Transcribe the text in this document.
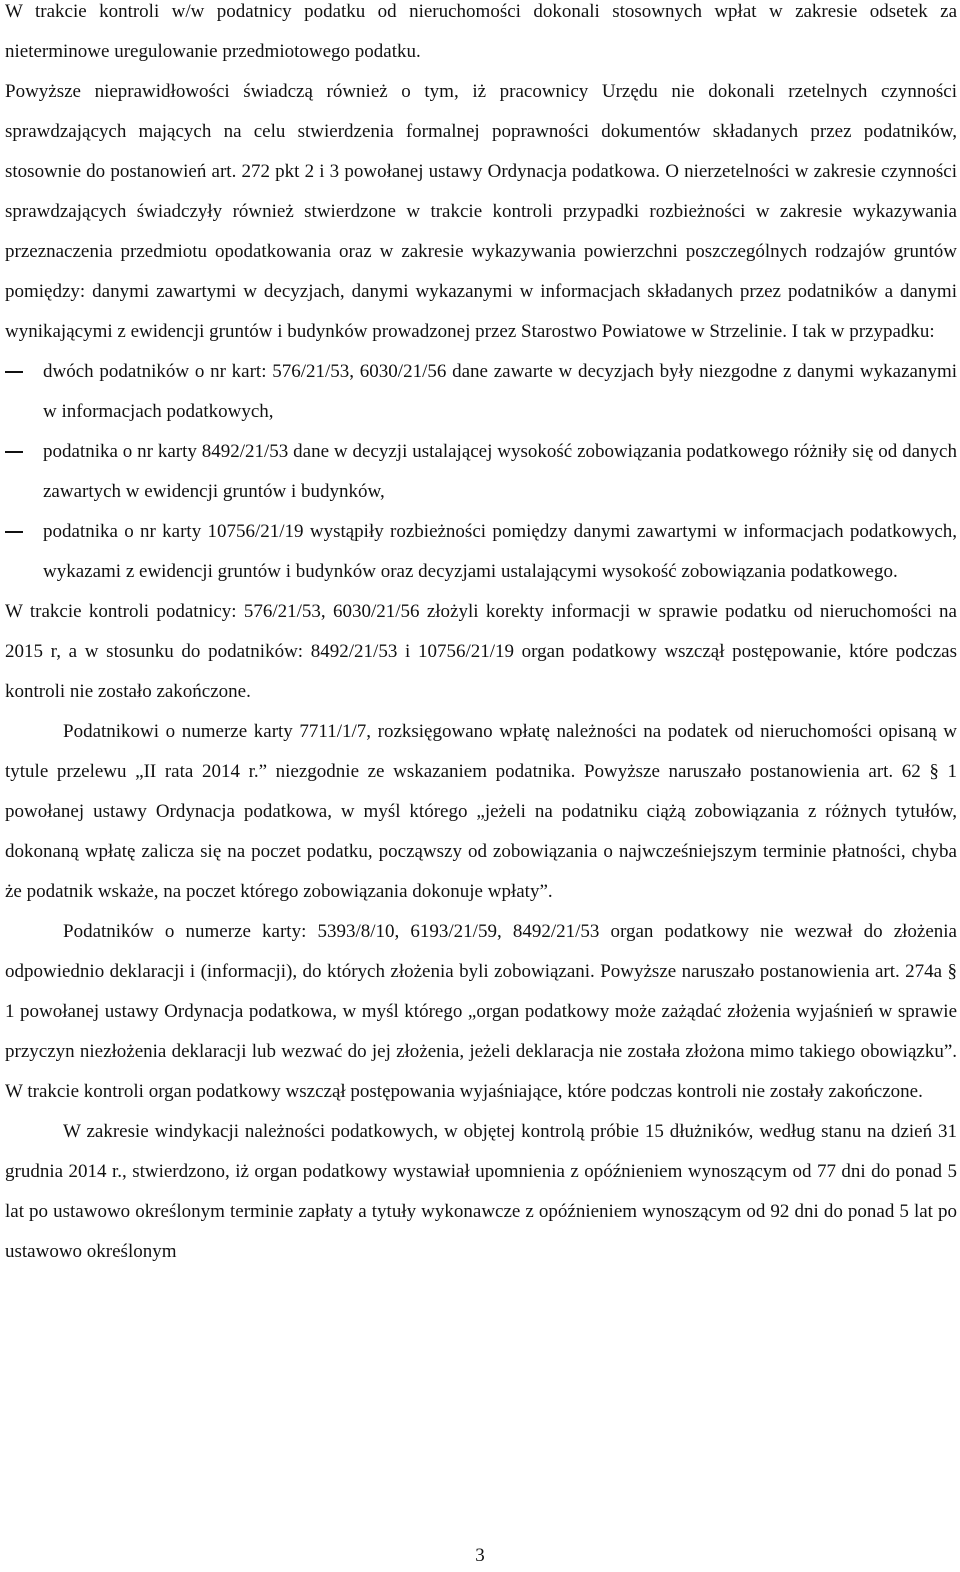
W trakcie kontroli w/w podatnicy podatku od nieruchomości dokonali stosownych wpłat w zakresie odsetek za nieterminowe uregulowanie przedmiotowego podatku.

Powyższe nieprawidłowości świadczą również o tym, iż pracownicy Urzędu nie dokonali rzetelnych czynności sprawdzających mających na celu stwierdzenia formalnej poprawności dokumentów składanych przez podatników, stosownie do postanowień art. 272 pkt 2 i 3 powołanej ustawy Ordynacja podatkowa. O nierzetelności w zakresie czynności sprawdzających świadczyły również stwierdzone w trakcie kontroli przypadki rozbieżności w zakresie wykazywania przeznaczenia przedmiotu opodatkowania oraz w zakresie wykazywania powierzchni poszczególnych rodzajów gruntów pomiędzy: danymi zawartymi w decyzjach, danymi wykazanymi w informacjach składanych przez podatników a danymi wynikającymi z ewidencji gruntów i budynków prowadzonej przez Starostwo Powiatowe w Strzelinie. I tak w przypadku:

dwóch podatników o nr kart: 576/21/53, 6030/21/56 dane zawarte w decyzjach były niezgodne z danymi wykazanymi w informacjach podatkowych,
podatnika o nr karty 8492/21/53 dane w decyzji ustalającej wysokość zobowiązania podatkowego różniły się od danych zawartych w ewidencji gruntów i budynków,
podatnika o nr karty 10756/21/19 wystąpiły rozbieżności pomiędzy danymi zawartymi w informacjach podatkowych, wykazami z ewidencji gruntów i budynków oraz decyzjami ustalającymi wysokość zobowiązania podatkowego.

W trakcie kontroli podatnicy: 576/21/53, 6030/21/56 złożyli korekty informacji w sprawie podatku od nieruchomości na 2015 r, a w stosunku do podatników: 8492/21/53 i 10756/21/19 organ podatkowy wszczął postępowanie, które podczas kontroli nie zostało zakończone.

Podatnikowi o numerze karty 7711/1/7, rozksięgowano wpłatę należności na podatek od nieruchomości opisaną w tytule przelewu „II rata 2014 r.” niezgodnie ze wskazaniem podatnika. Powyższe naruszało postanowienia art. 62 § 1 powołanej ustawy Ordynacja podatkowa, w myśl którego „jeżeli na podatniku ciążą zobowiązania z różnych tytułów, dokonaną wpłatę zalicza się na poczet podatku, począwszy od zobowiązania o najwcześniejszym terminie płatności, chyba że podatnik wskaże, na poczet którego zobowiązania dokonuje wpłaty”.

Podatników o numerze karty: 5393/8/10, 6193/21/59, 8492/21/53 organ podatkowy nie wezwał do złożenia odpowiednio deklaracji i (informacji), do których złożenia byli zobowiązani. Powyższe naruszało postanowienia art. 274a § 1 powołanej ustawy Ordynacja podatkowa, w myśl którego „organ podatkowy może zażądać złożenia wyjaśnień w sprawie przyczyn niezłożenia deklaracji lub wezwać do jej złożenia, jeżeli deklaracja nie została złożona mimo takiego obowiązku”. W trakcie kontroli organ podatkowy wszczął postępowania wyjaśniające, które podczas kontroli nie zostały zakończone.

W zakresie windykacji należności podatkowych, w objętej kontrolą próbie 15 dłużników, według stanu na dzień 31 grudnia 2014 r., stwierdzono, iż organ podatkowy wystawiał upomnienia z opóźnieniem wynoszącym od 77 dni do ponad 5 lat po ustawowo określonym terminie zapłaty a tytuły wykonawcze z opóźnieniem wynoszącym od 92 dni do ponad 5 lat po ustawowo określonym

3
